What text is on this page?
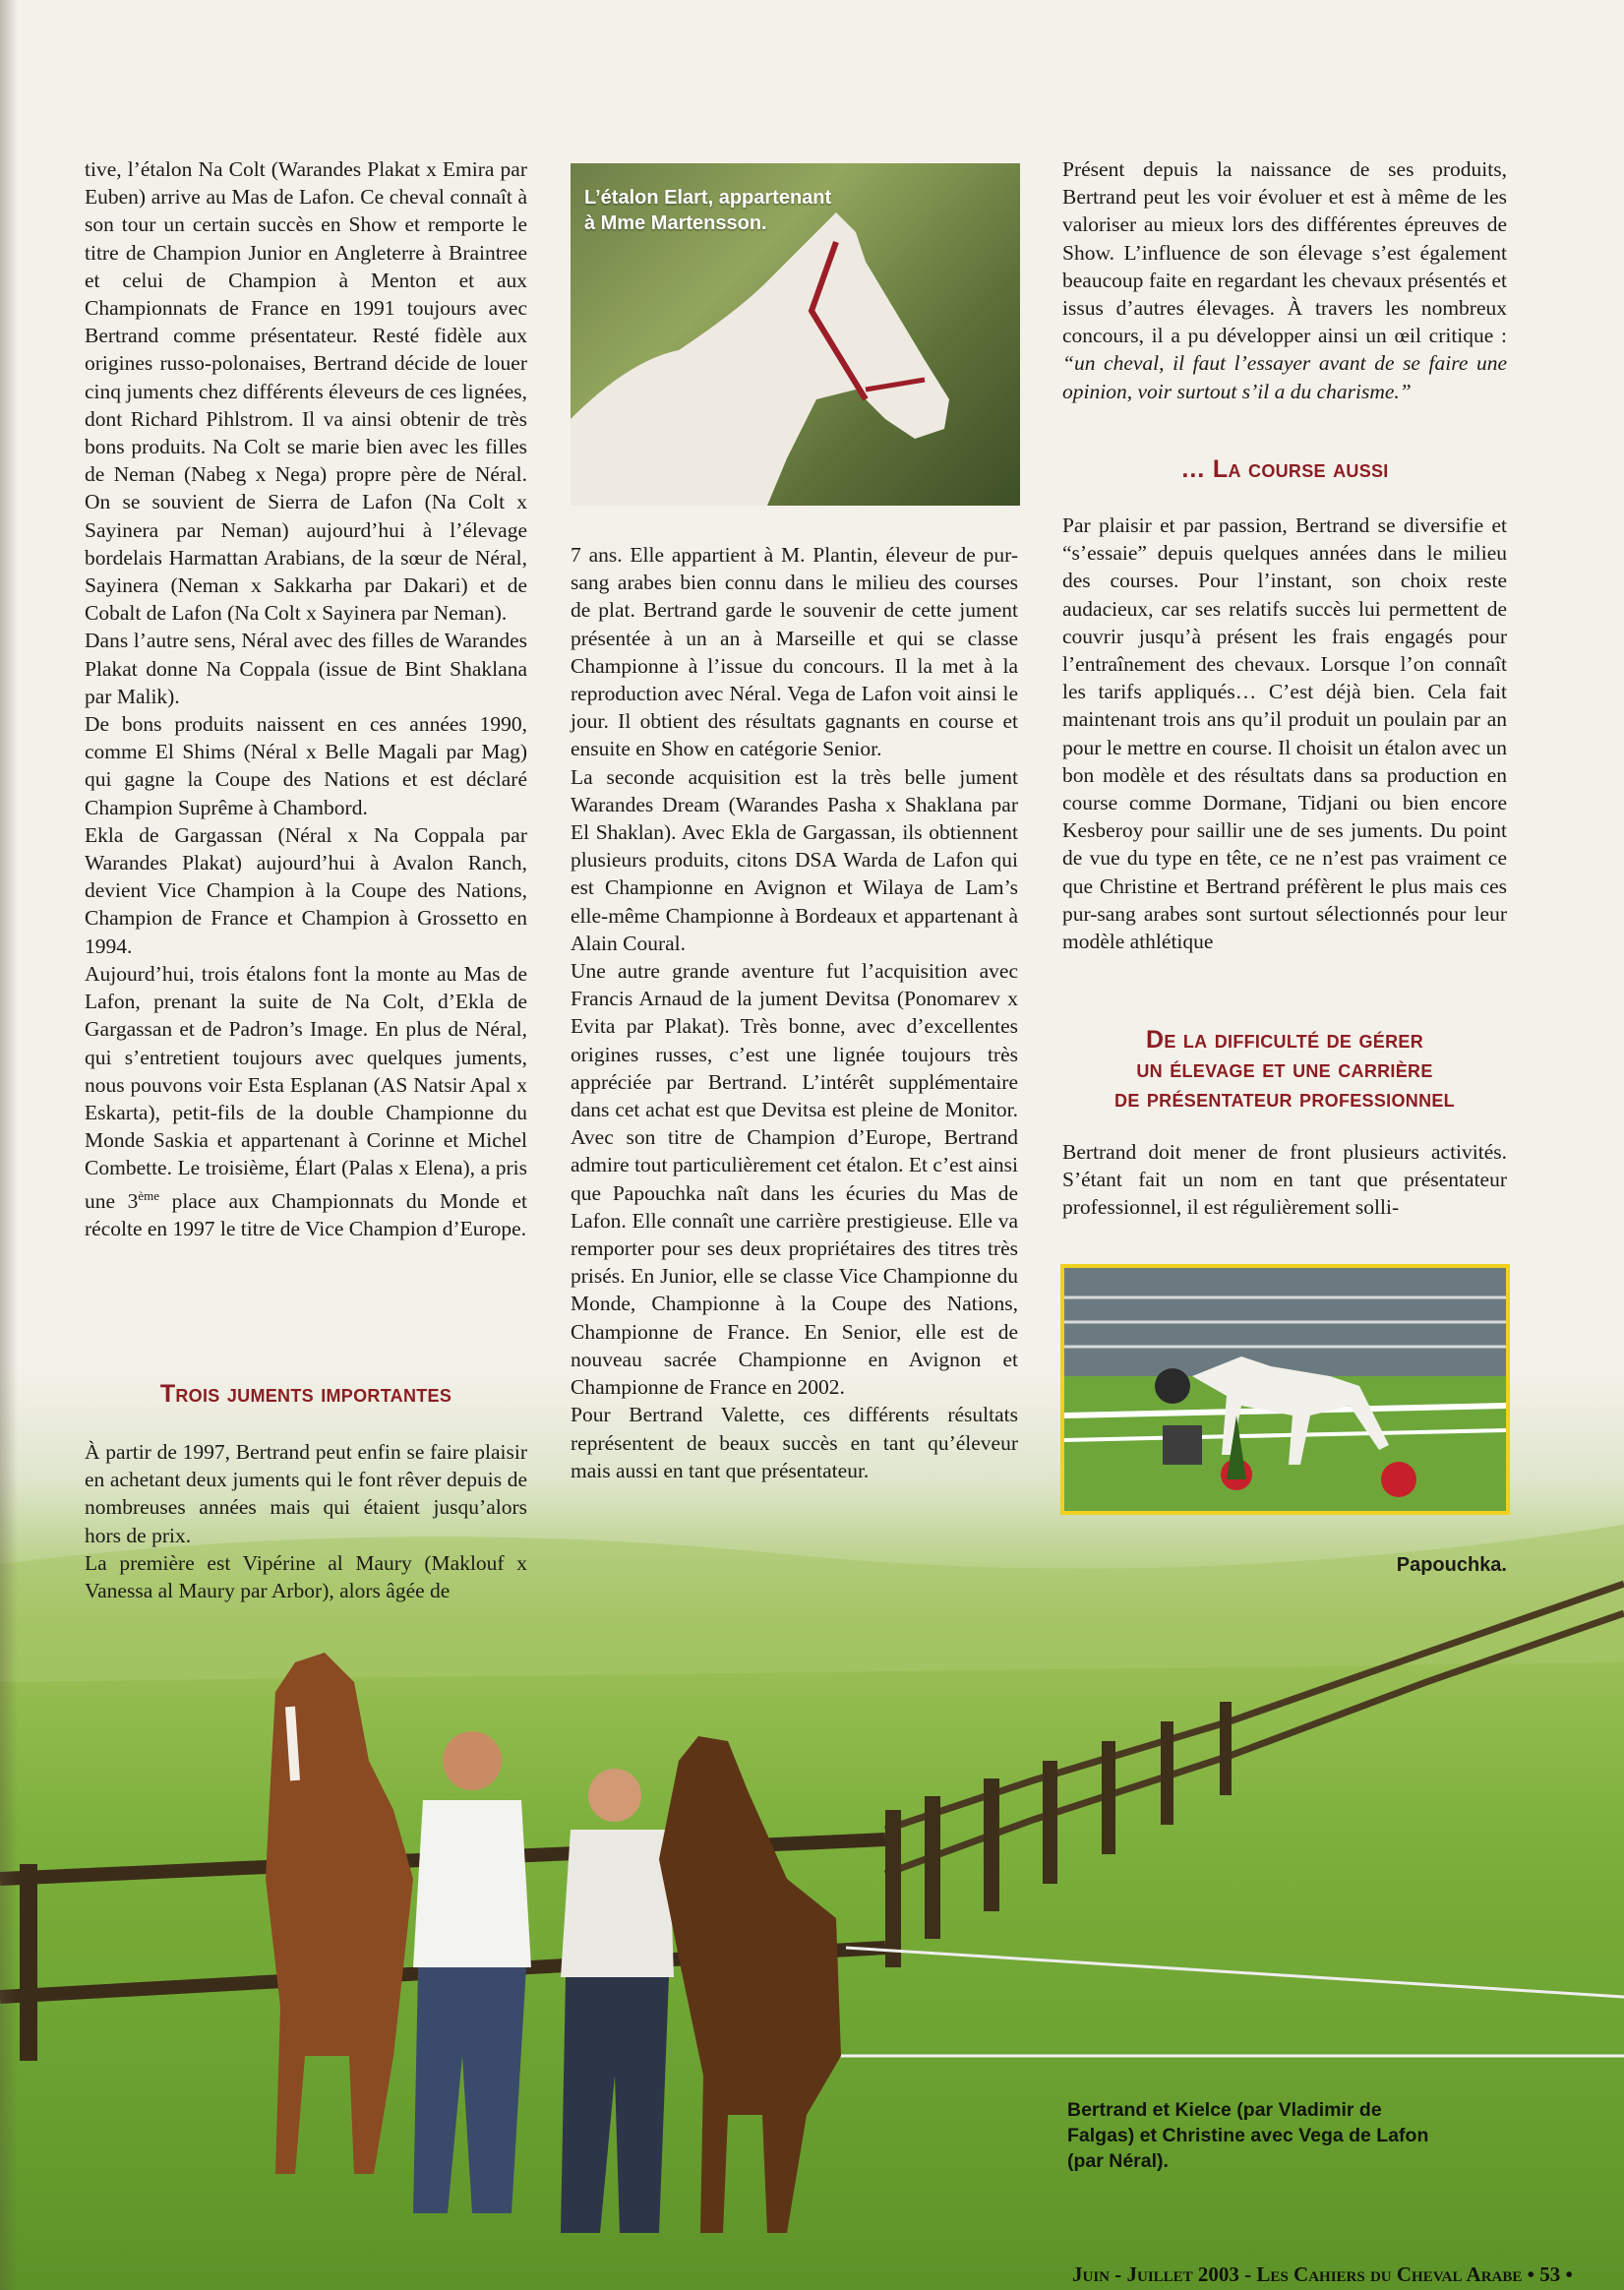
tive, l’étalon Na Colt (Warandes Plakat x Emira par Euben) arrive au Mas de Lafon. Ce cheval connaît à son tour un certain succès en Show et remporte le titre de Champion Junior en Angleterre à Braintree et celui de Champion à Menton et aux Championnats de France en 1991 toujours avec Bertrand comme présentateur. Resté fidèle aux origines russo-polonaises, Bertrand décide de louer cinq juments chez différents éleveurs de ces lignées, dont Richard Pihlstrom. Il va ainsi obtenir de très bons produits. Na Colt se marie bien avec les filles de Neman (Nabeg x Nega) propre père de Néral. On se souvient de Sierra de Lafon (Na Colt x Sayinera par Neman) aujourd’hui à l’élevage bordelais Harmattan Arabians, de la sœur de Néral, Sayinera (Neman x Sakkarha par Dakari) et de Cobalt de Lafon (Na Colt x Sayinera par Neman).

Dans l’autre sens, Néral avec des filles de Warandes Plakat donne Na Coppala (issue de Bint Shaklana par Malik).

De bons produits naissent en ces années 1990, comme El Shims (Néral x Belle Magali par Mag) qui gagne la Coupe des Nations et est déclaré Champion Suprême à Chambord.

Ekla de Gargassan (Néral x Na Coppala par Warandes Plakat) aujourd’hui à Avalon Ranch, devient Vice Champion à la Coupe des Nations, Champion de France et Champion à Grossetto en 1994.

Aujourd’hui, trois étalons font la monte au Mas de Lafon, prenant la suite de Na Colt, d’Ekla de Gargassan et de Padron’s Image. En plus de Néral, qui s’entretient toujours avec quelques juments, nous pouvons voir Esta Esplanan (AS Natsir Apal x Eskarta), petit-fils de la double Championne du Monde Saskia et appartenant à Corinne et Michel Combette. Le troisième, Élart (Palas x Elena), a pris une 3ème place aux Championnats du Monde et récolte en 1997 le titre de Vice Champion d’Europe.

Trois juments importantes

À partir de 1997, Bertrand peut enfin se faire plaisir en achetant deux juments qui le font rêver depuis de nombreuses années mais qui étaient jusqu’alors hors de prix.

La première est Vipérine al Maury (Maklouf x Vanessa al Maury par Arbor), alors âgée de

L’étalon Elart, appartenant
à Mme Martensson.

7 ans. Elle appartient à M. Plantin, éleveur de pur-sang arabes bien connu dans le milieu des courses de plat. Bertrand garde le souvenir de cette jument présentée à un an à Marseille et qui se classe Championne à l’issue du concours. Il la met à la reproduction avec Néral. Vega de Lafon voit ainsi le jour. Il obtient des résultats gagnants en course et ensuite en Show en catégorie Senior.

La seconde acquisition est la très belle jument Warandes Dream (Warandes Pasha x Shaklana par El Shaklan). Avec Ekla de Gargassan, ils obtiennent plusieurs produits, citons DSA Warda de Lafon qui est Championne en Avignon et Wilaya de Lam’s elle-même Championne à Bordeaux et appartenant à Alain Coural.

Une autre grande aventure fut l’acquisition avec Francis Arnaud de la jument Devitsa (Ponomarev x Evita par Plakat). Très bonne, avec d’excellentes origines russes, c’est une lignée toujours très appréciée par Bertrand. L’intérêt supplémentaire dans cet achat est que Devitsa est pleine de Monitor. Avec son titre de Champion d’Europe, Bertrand admire tout particulièrement cet étalon. Et c’est ainsi que Papouchka naît dans les écuries du Mas de Lafon. Elle connaît une carrière prestigieuse. Elle va remporter pour ses deux propriétaires des titres très prisés. En Junior, elle se classe Vice Championne du Monde, Championne à la Coupe des Nations, Championne de France. En Senior, elle est de nouveau sacrée Championne en Avignon et Championne de France en 2002.

Pour Bertrand Valette, ces différents résultats représentent de beaux succès en tant qu’éleveur mais aussi en tant que présentateur.

Présent depuis la naissance de ses produits, Bertrand peut les voir évoluer et est à même de les valoriser au mieux lors des différentes épreuves de Show. L’influence de son élevage s’est également beaucoup faite en regardant les chevaux présentés et issus d’autres élevages. À travers les nombreux concours, il a pu développer ainsi un œil critique : “un cheval, il faut l’essayer avant de se faire une opinion, voir surtout s’il a du charisme.”

… La course aussi

Par plaisir et par passion, Bertrand se diversifie et “s’essaie” depuis quelques années dans le milieu des courses. Pour l’instant, son choix reste audacieux, car ses relatifs succès lui permettent de couvrir jusqu’à présent les frais engagés pour l’entraînement des chevaux. Lorsque l’on connaît les tarifs appliqués… C’est déjà bien. Cela fait maintenant trois ans qu’il produit un poulain par an pour le mettre en course. Il choisit un étalon avec un bon modèle et des résultats dans sa production en course comme Dormane, Tidjani ou bien encore Kesberoy pour saillir une de ses juments. Du point de vue du type en tête, ce ne n’est pas vraiment ce que Christine et Bertrand préfèrent le plus mais ces pur-sang arabes sont surtout sélectionnés pour leur modèle athlétique

De la difficulté de gérer
un élevage et une carrière
de présentateur professionnel

Bertrand doit mener de front plusieurs activités. S’étant fait un nom en tant que présentateur professionnel, il est régulièrement solli-

Papouchka.
Bertrand et Kielce (par Vladimir de
Falgas) et Christine avec Vega de Lafon
(par Néral).
Juin - Juillet 2003 - Les Cahiers du Cheval Arabe • 53 •
